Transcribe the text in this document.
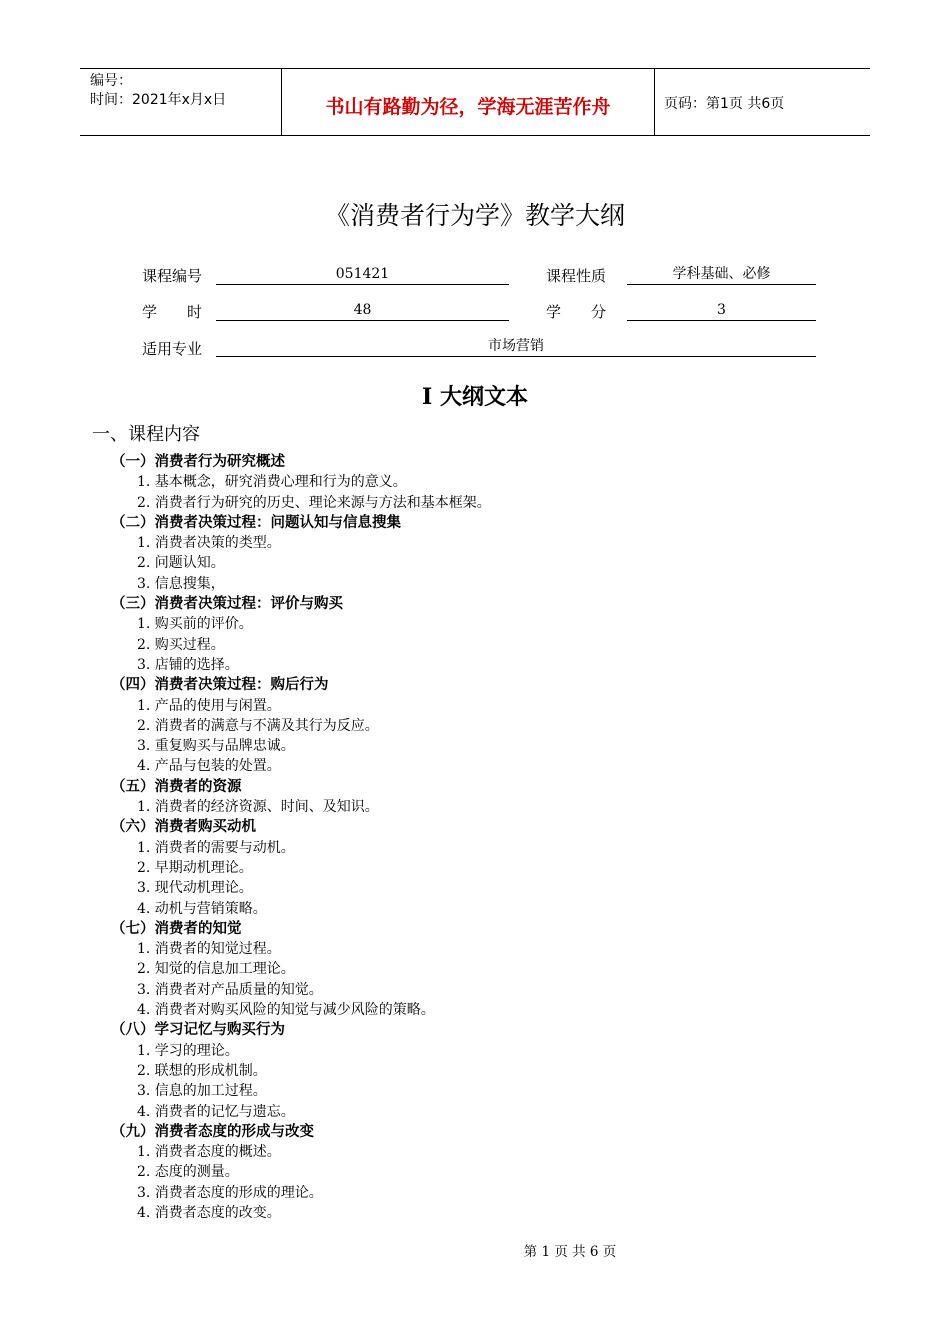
编号：
时间：2021年x月x日	书山有路勤为径，学海无涯苦作舟	页码：第1页 共6页
《消费者行为学》教学大纲
课程编号	051421	课程性质	学科基础、必修
学　　时	48	学　　分	3
适用专业	市场营销
I 大纲文本
一、课程内容
（一）消费者行为研究概述
1. 基本概念，研究消费心理和行为的意义。
2. 消费者行为研究的历史、理论来源与方法和基本框架。
（二）消费者决策过程：问题认知与信息搜集
1. 消费者决策的类型。
2. 问题认知。
3. 信息搜集，
（三）消费者决策过程：评价与购买
1. 购买前的评价。
2. 购买过程。
3. 店铺的选择。
（四）消费者决策过程：购后行为
1. 产品的使用与闲置。
2. 消费者的满意与不满及其行为反应。
3. 重复购买与品牌忠诚。
4. 产品与包装的处置。
（五）消费者的资源
1. 消费者的经济资源、时间、及知识。
（六）消费者购买动机
1. 消费者的需要与动机。
2. 早期动机理论。
3. 现代动机理论。
4. 动机与营销策略。
（七）消费者的知觉
1. 消费者的知觉过程。
2. 知觉的信息加工理论。
3. 消费者对产品质量的知觉。
4. 消费者对购买风险的知觉与减少风险的策略。
（八）学习记忆与购买行为
1. 学习的理论。
2. 联想的形成机制。
3. 信息的加工过程。
4. 消费者的记忆与遗忘。
（九）消费者态度的形成与改变
1. 消费者态度的概述。
2. 态度的测量。
3. 消费者态度的形成的理论。
4. 消费者态度的改变。
第 1 页 共 6 页
